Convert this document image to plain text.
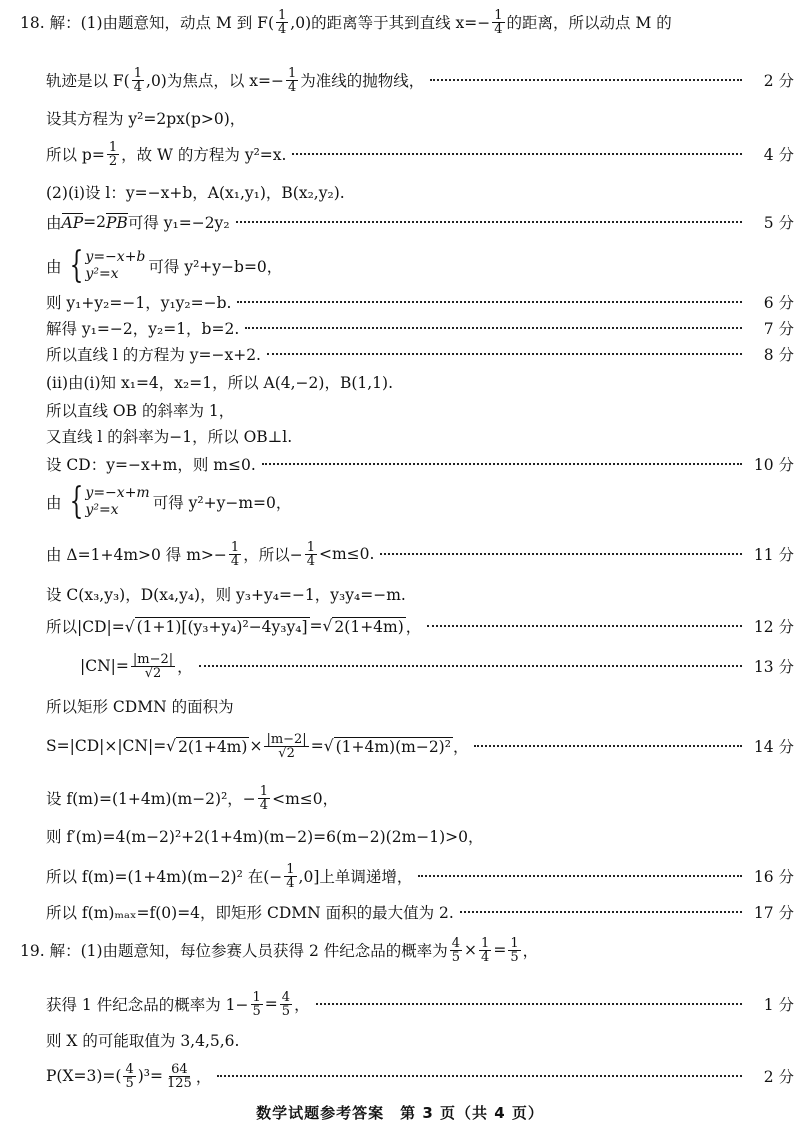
18. 解：(1)由题意知，动点 M 到 $F( \frac{1}{4} ,0)$的距离等于其到直线 $x=- \frac{1}{4}$ 的距离，所以动点 M 的
轨迹是以 $F( \frac{1}{4} ,0)$为焦点，以 $x=- \frac{1}{4}$ 为准线的抛物线，	2 分
设其方程为 y²=2px(p>0)，
所以 $p= \frac{1}{2}$ ，故 W 的方程为 y²=x.	4 分
(2)(i)设 l：y=−x+b，A(x₁,y₁)，B(x₂,y₂).
由 AP =2 PB 可得 y₁=−2y₂	5 分
由 { y=−x+b
y²=x	可得 y²+y−b=0，
则 y₁+y₂=−1，y₁y₂=−b.	6 分
解得 y₁=−2，y₂=1，b=2.	7 分
所以直线 l 的方程为 y=−x+2.	8 分
(ii)由(i)知 x₁=4，x₂=1，所以 A(4,−2)，B(1,1).
所以直线 OB 的斜率为 1，
又直线 l 的斜率为−1，所以 OB⊥l.
设 CD：y=−x+m，则 m≤0.	10 分
由 { y=−x+m
y²=x	可得 y²+y−m=0，
由 Δ=1+4m>0 得 $m>- \frac{1}{4}$ ，所以− $\frac{1}{4} <m\le 0$.	11 分
设 C(x₃,y₃)，D(x₄,y₄)，则 y₃+y₄=−1，y₃y₄=−m.
所以|CD|=√ (1+1)[(y₃+y₄)²−4y₃y₄] =√ 2(1+4m) ，	12 分
$|CN|= \frac{|m-2|}{√2}$ ，	13 分
所以矩形 CDMN 的面积为
S=|CD|×|CN|=√ $2(1+4m) \times \frac{|m-2|}{√2}$ =√ (1+4m)(m−2)² ，	14 分
设 f(m)=(1+4m)(m−2)²，− $\frac{1}{4} <m\le 0$，
则 f′(m)=4(m−2)²+2(1+4m)(m−2)=6(m−2)(2m−1)>0，
所以 f(m)=(1+4m)(m−2)² 在(− $\frac{1}{4} ,0$]上单调递增，	16 分
所以 f(m)ₘₐₓ=f(0)=4，即矩形 CDMN 面积的最大值为 2.	17 分
19. 解：(1)由题意知，每位参赛人员获得 2 件纪念品的概率为 $\frac{4}{5} \times \frac{1}{4} = \frac{1}{5}$ ，
获得 1 件纪念品的概率为 $1- \frac{1}{5} = \frac{4}{5}$ ，	1 分
则 X 的可能取值为 3,4,5,6.
$P(X=3)=( \frac{4}{5} )^3= \frac{64}{125}$ ，	2 分
数学试题参考答案　第 3 页（共 4 页）
